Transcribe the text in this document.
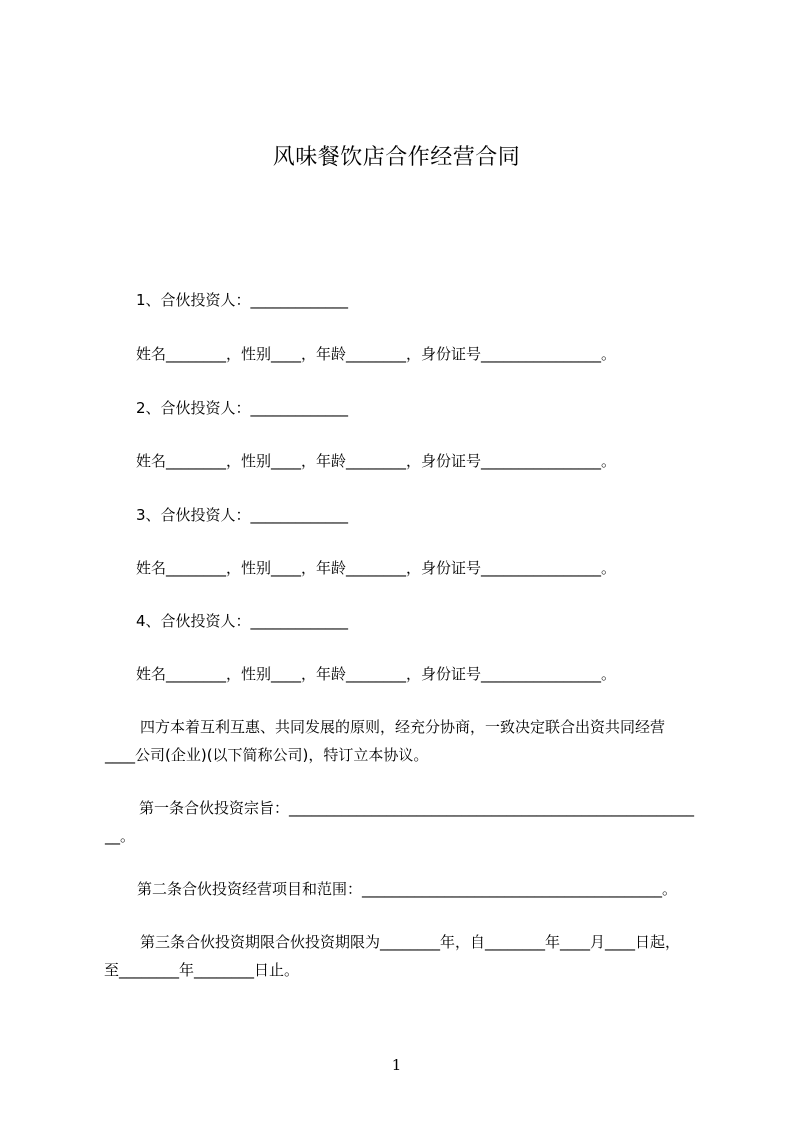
风味餐饮店合作经营合同
1、合伙投资人：_____________
姓名________，性别____，年龄________，身份证号________________。
2、合伙投资人：_____________
姓名________，性别____，年龄________，身份证号________________。
3、合伙投资人：_____________
姓名________，性别____，年龄________，身份证号________________。
4、合伙投资人：_____________
姓名________，性别____，年龄________，身份证号________________。
四方本着互利互惠、共同发展的原则，经充分协商，一致决定联合出资共同经营
____公司(企业)(以下简称公司)，特订立本协议。
第一条合伙投资宗旨：______________________________________________________
__。
第二条合伙投资经营项目和范围：________________________________________。
第三条合伙投资期限合伙投资期限为________年，自________年____月____日起，
至________年________日止。
1
